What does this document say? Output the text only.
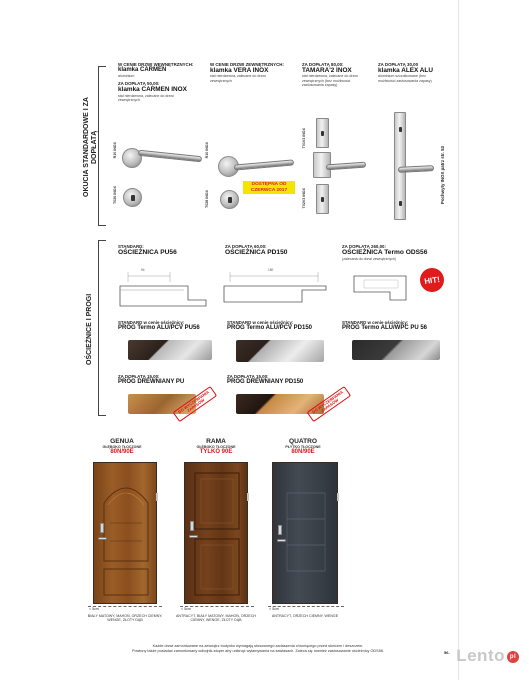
OKUCIA STANDARDOWE I ZA DOPŁATĄ
W CENIE DRZWI WEWNĘTRZNYCH:
klamka CARMEN
aluminium
ZA DOPŁATĄ 50,00:
klamka CARMEN INOX
stal nierdzewna, zalecane do drzwi zewnętrznych
R10 INOX
T026 INOX
W CENIE DRZWI ZEWNĘTRZNYCH:
klamka VERA INOX
stal nierdzewna, zalecane do drzwi zewnętrznych
R10 INOX
T028 INOX
DOSTĘPNA OD CZERWCA 2017
ZA DOPŁATĄ 80,00:
TAMARA'2 INOX
stal nierdzewna, zalecane do drzwi zewnętrznych (bez możliwości zastosowania zapasy)
T01V3 INOX
T02V3 INOX
ZA DOPŁATĄ 30,00
klamka ALEX ALU
aluminium szczotkowane (bez możliwości zastosowania zapasy)
Pochwyty INOX patrz str. 53
OŚCIEŻNICE I PROGI
STANDARD:
OŚCIEŻNICA PU56
94
ZA DOPŁATĄ 60,00:
OŚCIEŻNICA PD150
150
ZA DOPŁATĄ 260,00:
OŚCIEŻNICA Termo ODS56
(zalecana do drzwi zewnętrznych)
HIT!
STANDARD w cenie ościeżnicy:
PRÓG Termo ALU/PCV PU56
STANDARD w cenie ościeżnicy:
PRÓG Termo ALU/PCV PD150
STANDARD w cenie ościeżnicy:
PRÓG Termo ALU/WPC PU 56
ZA DOPŁATĄ 15,00:
PRÓG DREWNIANY PU
DO WYCZERPANIA ZAPASÓW
ZA DOPŁATĄ 15,00:
PRÓG DREWNIANY PD150
DO WYCZERPANIA ZAPASÓW
GENUA
GŁĘBOKO TŁOCZONE
80N/90E
< 5cm
BIAŁY MATOWY, MAHOŃ, ORZECH CIEMNY, WENGE, ZŁOTY DĄB
RAMA
GŁĘBOKO TŁOCZONE
TYLKO 90E
< 5cm
ANTRACYT, BIAŁY MATOWY, MAHOŃ, ORZECH CIEMNY, WENGE, ZŁOTY DĄB
QUATRO
PŁYTKO TŁOCZONE
80N/90E
< 5cm
ANTRACYT, ORZECH CIEMNY, WENGE
Każde drzwi zamontowane na zewnątrz budynku wymagają stosownego zadaszenia chroniącego przed słońcem i deszczem.
Powinny także posiadać zamontowany odbojnik-stoper aby uniknąć wyłamywania na zawiasach. Zaleca się również zastosowanie ościeżnicy ODS56.	56. Lento pl
